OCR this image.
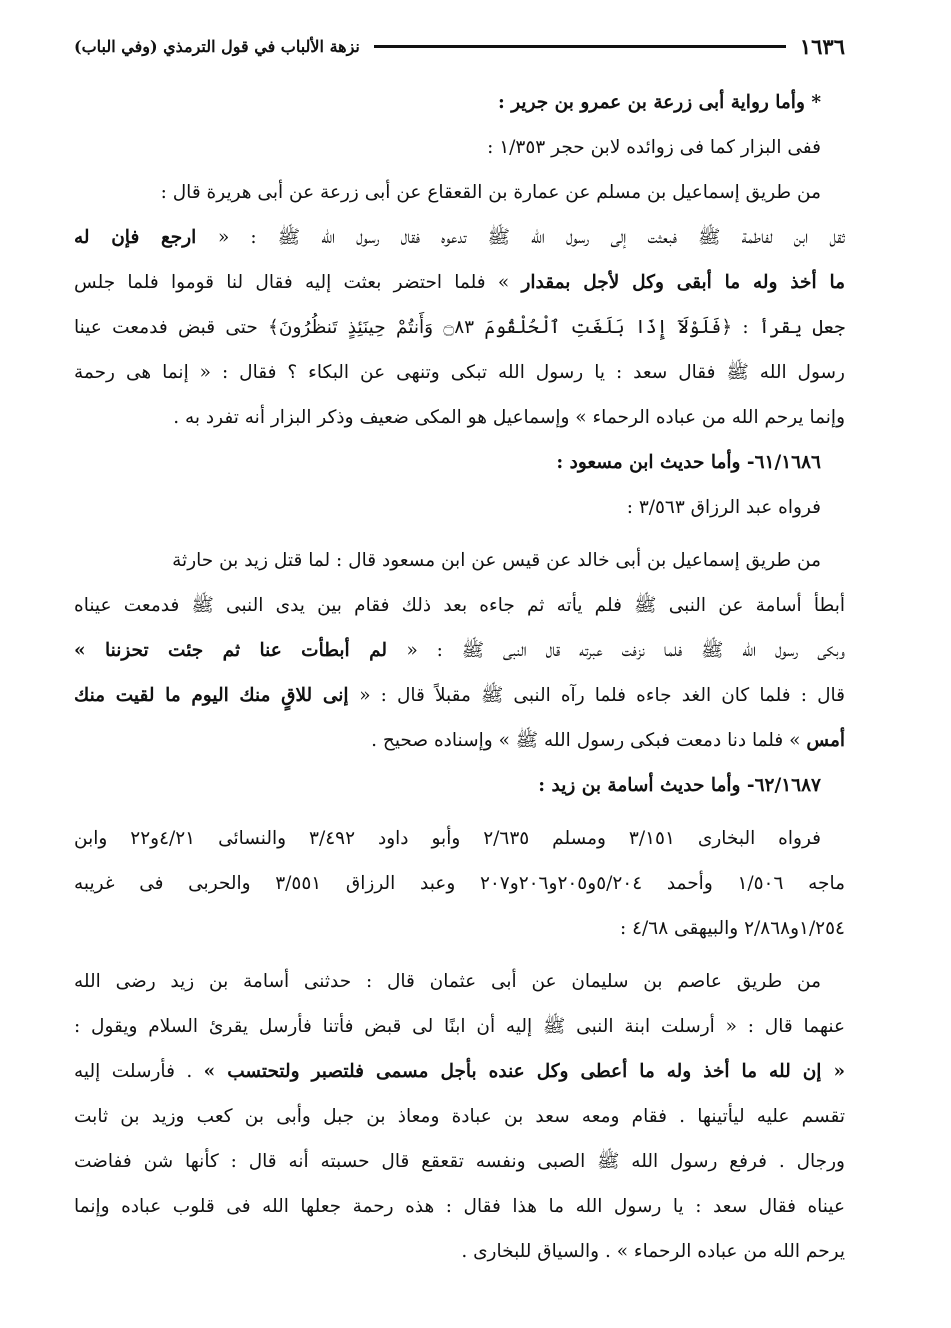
١٦٣٦
نزهة الألباب في قول الترمذي (وفي الباب)
* وأما رواية أبى زرعة بن عمرو بن جرير :
ففى البزار كما فى زوائده لابن حجر ١/٣٥٣ :
من طريق إسماعيل بن مسلم عن عمارة بن القعقاع عن أبى زرعة عن أبى هريرة قال :
ثقل ابن لفاطمة ﷺ فبعثت إلى رسول الله ﷺ تدعوه فقال رسول الله ﷺ : « ارجع فإن له
ما أخذ وله ما أبقى وكل لأجل بمقدار » فلما احتضر بعثت إليه فقال لنا قوموا فلما جلس
جعل يقرأ : ﴿فَلَوْلَآ إِذَا بَلَغَتِ ٱلْحُلْقُومَ ۝٨٣ وَأَنتُمْ حِينَئِذٍ تَنظُرُونَ﴾ حتى قبض فدمعت عينا
رسول الله ﷺ فقال سعد : يا رسول الله تبكى وتنهى عن البكاء ؟ فقال : « إنما هى رحمة
وإنما يرحم الله من عباده الرحماء » وإسماعيل هو المكى ضعيف وذكر البزار أنه تفرد به .
٦١/١٦٨٦- وأما حديث ابن مسعود :
فرواه عبد الرزاق ٣/٥٦٣ :
من طريق إسماعيل بن أبى خالد عن قيس عن ابن مسعود قال : لما قتل زيد بن حارثة
أبطأ أسامة عن النبى ﷺ فلم يأته ثم جاءه بعد ذلك فقام بين يدى النبى ﷺ فدمعت عيناه
وبكى رسول الله ﷺ فلما نزفت عبرته قال النبى ﷺ : « لم أبطأت عنا ثم جئت تحزننا »
قال : فلما كان الغد جاءه فلما رآه النبى ﷺ مقبلاً قال : « إنى للاقٍ منك اليوم ما لقيت منك
أمس » فلما دنا دمعت فبكى رسول الله ﷺ » وإسناده صحيح .
٦٢/١٦٨٧- وأما حديث أسامة بن زيد :
فرواه البخارى ٣/١٥١ ومسلم ٢/٦٣٥ وأبو داود ٣/٤٩٢ والنسائى ٤/٢١و٢٢ وابن
ماجه ١/٥٠٦ وأحمد ٥/٢٠٤و٢٠٥و٢٠٦و٢٠٧ وعبد الرزاق ٣/٥٥١ والحربى فى غريبه
١/٢٥٤و٢/٨٦٨ والبيهقى ٤/٦٨ :
من طريق عاصم بن سليمان عن أبى عثمان قال : حدثنى أسامة بن زيد رضى الله
عنهما قال : « أرسلت ابنة النبى ﷺ إليه أن ابنًا لى قبض فأتنا فأرسل يقرئ السلام ويقول :
« إن لله ما أخذ وله ما أعطى وكل عنده بأجل مسمى فلتصبر ولتحتسب » . فأرسلت إليه
تقسم عليه ليأتينها . فقام ومعه سعد بن عبادة ومعاذ بن جبل وأبى بن كعب وزيد بن ثابت
ورجال . فرفع رسول الله ﷺ الصبى ونفسه تقعقع قال حسبته أنه قال : كأنها شن ففاضت
عيناه فقال سعد : يا رسول الله ما هذا فقال : هذه رحمة جعلها الله فى قلوب عباده وإنما
يرحم الله من عباده الرحماء » . والسياق للبخارى .
